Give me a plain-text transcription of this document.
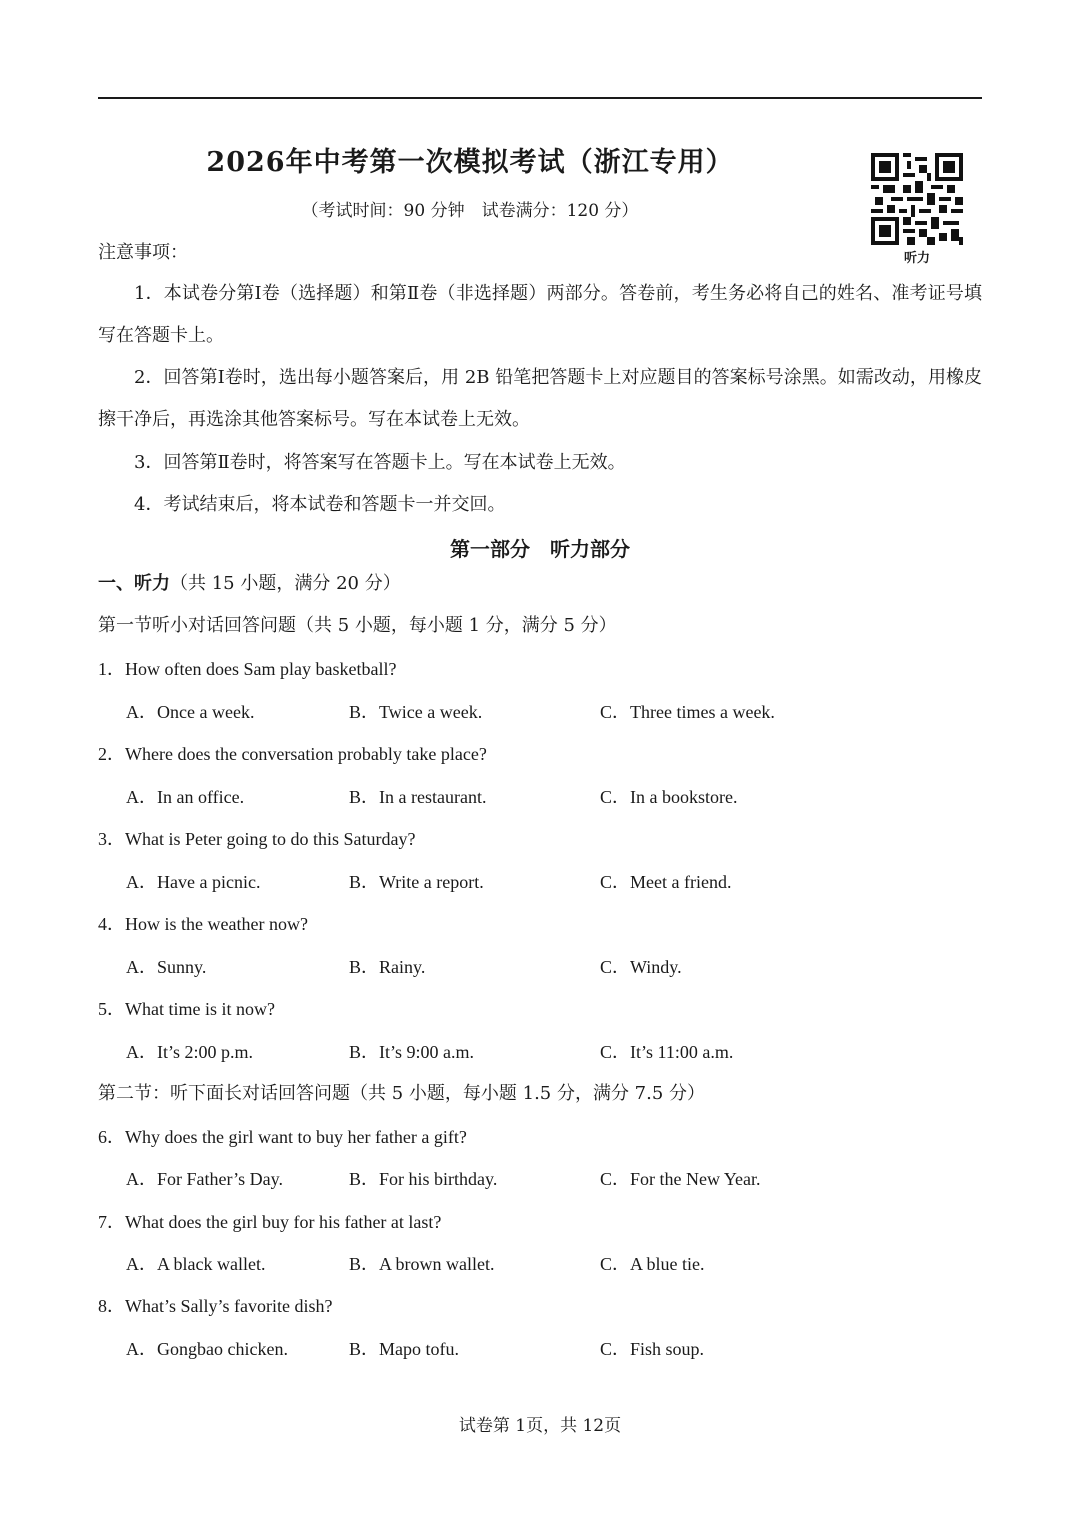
2026年中考第一次模拟考试（浙江专用）
（考试时间：90 分钟　试卷满分：120 分）
听力
注意事项：
1．本试卷分第Ⅰ卷（选择题）和第Ⅱ卷（非选择题）两部分。答卷前，考生务必将自己的姓名、准考证号填写在答题卡上。
2．回答第Ⅰ卷时，选出每小题答案后，用 2B 铅笔把答题卡上对应题目的答案标号涂黑。如需改动，用橡皮擦干净后，再选涂其他答案标号。写在本试卷上无效。
3．回答第Ⅱ卷时，将答案写在答题卡上。写在本试卷上无效。
4．考试结束后，将本试卷和答题卡一并交回。
第一部分　听力部分
一、听力（共 15 小题，满分 20 分）
第一节听小对话回答问题（共 5 小题，每小题 1 分，满分 5 分）
1．How often does Sam play basketball?
A．Once a week.	B．Twice a week.	C．Three times a week.
2．Where does the conversation probably take place?
A．In an office.	B．In a restaurant.	C．In a bookstore.
3．What is Peter going to do this Saturday?
A．Have a picnic.	B．Write a report.	C．Meet a friend.
4．How is the weather now?
A．Sunny.	B．Rainy.	C．Windy.
5．What time is it now?
A．It’s 2:00 p.m.	B．It’s 9:00 a.m.	C．It’s 11:00 a.m.
第二节：听下面长对话回答问题（共 5 小题，每小题 1.5 分，满分 7.5 分）
6．Why does the girl want to buy her father a gift?
A．For Father’s Day.	B．For his birthday.	C．For the New Year.
7．What does the girl buy for his father at last?
A．A black wallet.	B．A brown wallet.	C．A blue tie.
8．What’s Sally’s favorite dish?
A．Gongbao chicken.	B．Mapo tofu.	C．Fish soup.
试卷第 1页，共 12页
